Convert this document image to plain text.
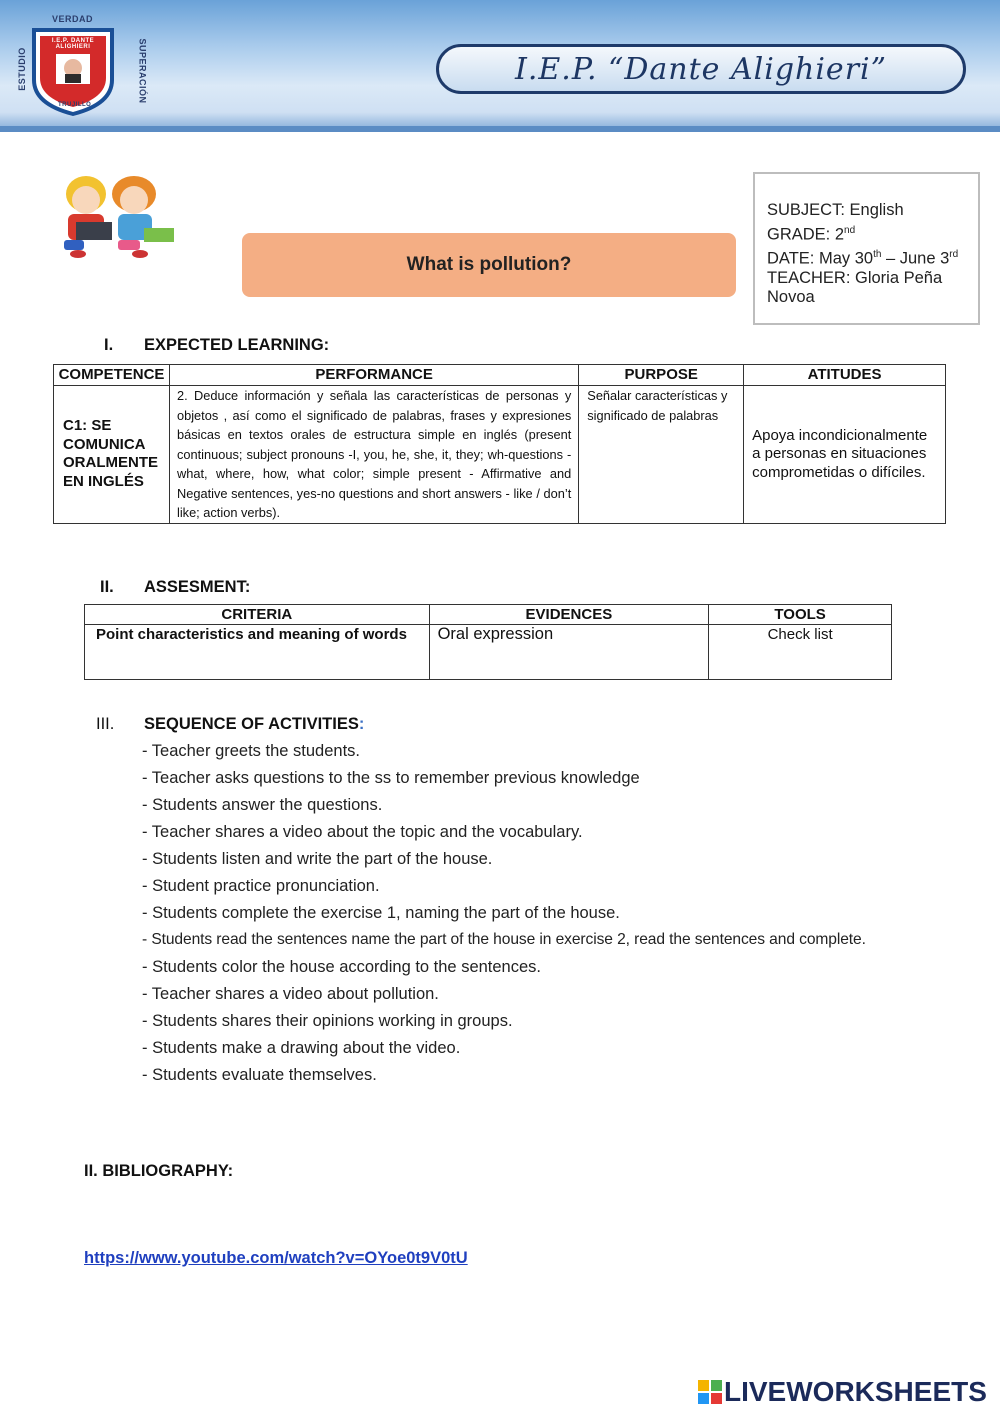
VERDAD
ESTUDIO	SUPERACIÓN
I.E.P. DANTE ALIGHIERI
TRUJILLO
I.E.P. “Dante Alighieri”
What is pollution?
SUBJECT: English
GRADE: 2nd
DATE: May 30th – June 3rd
TEACHER: Gloria Peña Novoa
I. EXPECTED LEARNING:
COMPETENCE	PERFORMANCE	PURPOSE	ATITUDES
C1: SE COMUNICA ORALMENTE EN INGLÉS	2. Deduce información y señala las características de personas y objetos , así como el significado de palabras, frases y expresiones básicas en textos orales de estructura simple en inglés (present continuous; subject pronouns -I, you, he, she, it, they; wh-questions - what, where, how, what color; simple present - Affirmative and Negative sentences, yes-no questions and short answers - like / don’t like; action verbs).	Señalar características y significado de palabras	Apoya incondicionalmente a personas en situaciones comprometidas o difíciles.
II. ASSESMENT:
CRITERIA	EVIDENCES	TOOLS
Point characteristics and meaning of words	Oral expression	Check list
III. SEQUENCE OF ACTIVITIES:
- Teacher greets the students.
- Teacher asks questions to the ss to remember previous knowledge
- Students answer the questions.
- Teacher shares a video about the topic and the vocabulary.
- Students listen and write the part of the house.
- Student practice pronunciation.
- Students complete the exercise 1, naming the part of the house.
- Students read the sentences name the part of the house in exercise 2, read the sentences and complete.
- Students color the house according to the sentences.
- Teacher shares a video about pollution.
- Students shares their opinions working in groups.
- Students make a drawing about the video.
- Students evaluate themselves.
II. BIBLIOGRAPHY:
https://www.youtube.com/watch?v=OYoe0t9V0tU
LIVEWORKSHEETS
